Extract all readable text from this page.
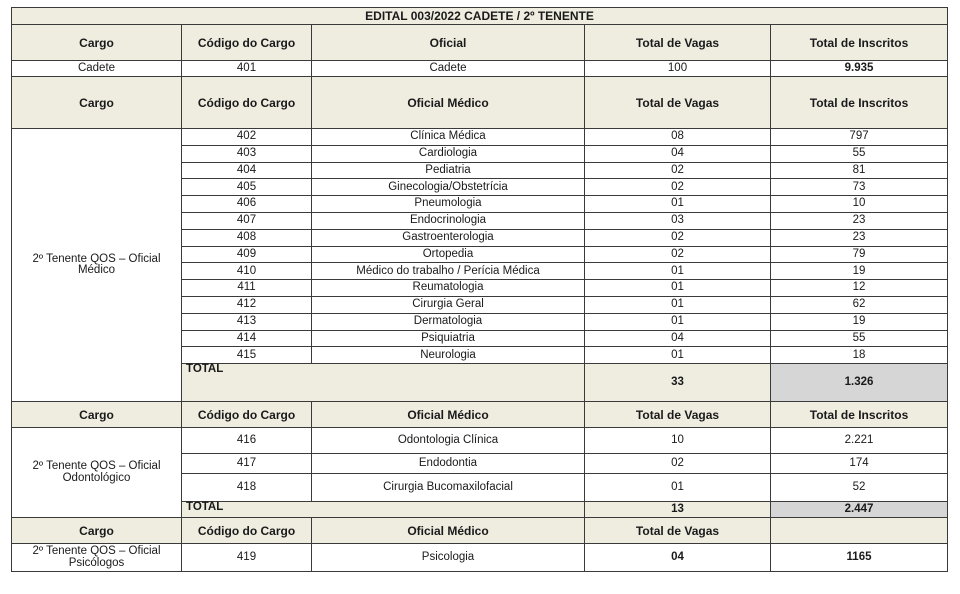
EDITAL 003/2022 CADETE / 2º TENENTE				
Cargo	Código do Cargo	Oficial	Total de Vagas	Total de Inscritos
Cadete	401	Cadete	100	9.935
Cargo	Código do Cargo	Oficial Médico	Total de Vagas	Total de Inscritos
2º Tenente QOS – Oficial Médico	402	Clínica Médica	08	797
	403	Cardiologia	04	55
	404	Pediatria	02	81
	405	Ginecologia/Obstetrícia	02	73
	406	Pneumologia	01	10
	407	Endocrinologia	03	23
	408	Gastroenterologia	02	23
	409	Ortopedia	02	79
	410	Médico do trabalho / Perícia Médica	01	19
	411	Reumatologia	01	12
	412	Cirurgia Geral	01	62
	413	Dermatologia	01	19
	414	Psiquiatria	04	55
	415	Neurologia	01	18
	TOTAL		33	1.326
Cargo	Código do Cargo	Oficial Médico	Total de Vagas	Total de Inscritos
2º Tenente QOS – Oficial Odontológico	416	Odontologia Clínica	10	2.221
	417	Endodontia	02	174
	418	Cirurgia Bucomaxilofacial	01	52
	TOTAL		13	2.447
Cargo	Código do Cargo	Oficial Médico	Total de Vagas	
2º Tenente QOS – Oficial Psicólogos	419	Psicologia	04	1165
